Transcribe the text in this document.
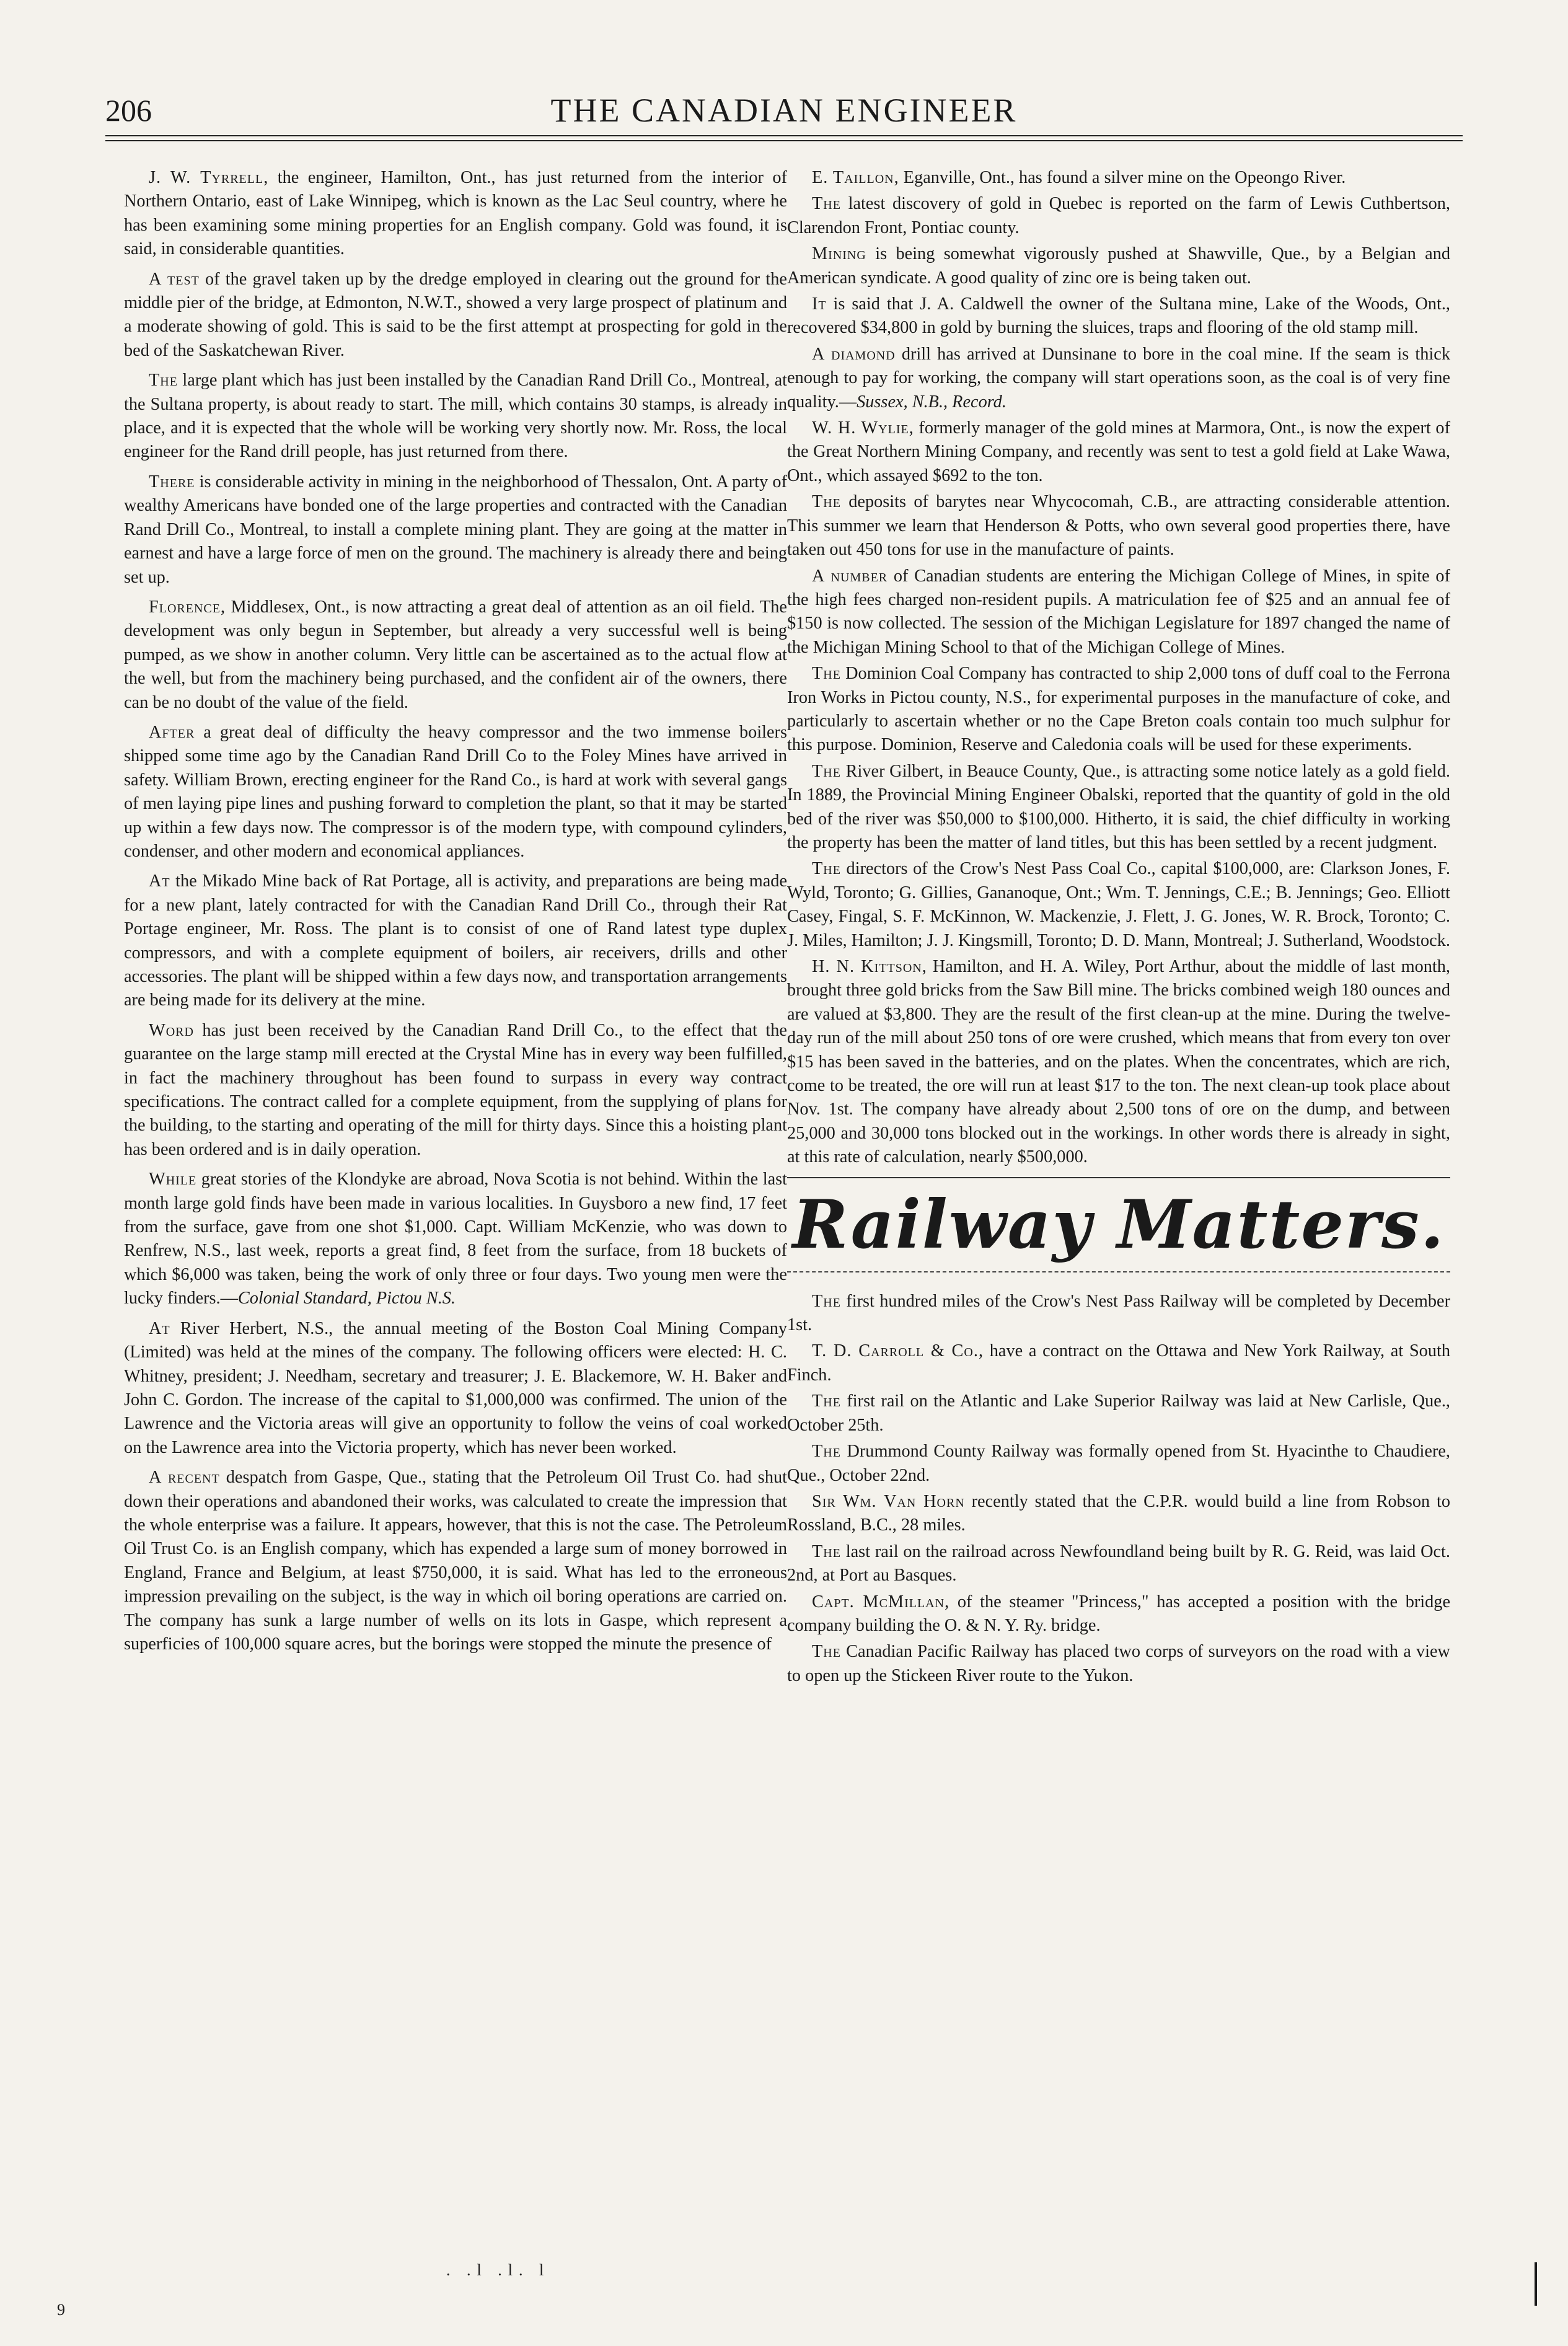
206	THE CANADIAN ENGINEER

J. W. Tyrrell, the engineer, Hamilton, Ont., has just returned from the interior of Northern Ontario, east of Lake Winnipeg, which is known as the Lac Seul country, where he has been examining some mining properties for an English company. Gold was found, it is said, in considerable quantities.

A test of the gravel taken up by the dredge employed in clearing out the ground for the middle pier of the bridge, at Edmonton, N.W.T., showed a very large prospect of platinum and a moderate showing of gold. This is said to be the first attempt at prospecting for gold in the bed of the Saskatchewan River.

The large plant which has just been installed by the Canadian Rand Drill Co., Montreal, at the Sultana property, is about ready to start. The mill, which contains 30 stamps, is already in place, and it is expected that the whole will be working very shortly now. Mr. Ross, the local engineer for the Rand drill people, has just returned from there.

There is considerable activity in mining in the neighborhood of Thessalon, Ont. A party of wealthy Americans have bonded one of the large properties and contracted with the Canadian Rand Drill Co., Montreal, to install a complete mining plant. They are going at the matter in earnest and have a large force of men on the ground. The machinery is already there and being set up.

Florence, Middlesex, Ont., is now attracting a great deal of attention as an oil field. The development was only begun in September, but already a very successful well is being pumped, as we show in another column. Very little can be ascertained as to the actual flow at the well, but from the machinery being purchased, and the confident air of the owners, there can be no doubt of the value of the field.

After a great deal of difficulty the heavy compressor and the two immense boilers shipped some time ago by the Canadian Rand Drill Co to the Foley Mines have arrived in safety. William Brown, erecting engineer for the Rand Co., is hard at work with several gangs of men laying pipe lines and pushing forward to completion the plant, so that it may be started up within a few days now. The compressor is of the modern type, with compound cylinders, condenser, and other modern and economical appliances.

At the Mikado Mine back of Rat Portage, all is activity, and preparations are being made for a new plant, lately contracted for with the Canadian Rand Drill Co., through their Rat Portage engineer, Mr. Ross. The plant is to consist of one of Rand latest type duplex compressors, and with a complete equipment of boilers, air receivers, drills and other accessories. The plant will be shipped within a few days now, and transportation arrangements are being made for its delivery at the mine.

Word has just been received by the Canadian Rand Drill Co., to the effect that the guarantee on the large stamp mill erected at the Crystal Mine has in every way been fulfilled, in fact the machinery throughout has been found to surpass in every way contract specifications. The contract called for a complete equipment, from the supplying of plans for the building, to the starting and operating of the mill for thirty days. Since this a hoisting plant has been ordered and is in daily operation.

While great stories of the Klondyke are abroad, Nova Scotia is not behind. Within the last month large gold finds have been made in various localities. In Guysboro a new find, 17 feet from the surface, gave from one shot $1,000. Capt. William McKenzie, who was down to Renfrew, N.S., last week, reports a great find, 8 feet from the surface, from 18 buckets of which $6,000 was taken, being the work of only three or four days. Two young men were the lucky finders.—Colonial Standard, Pictou N.S.

At River Herbert, N.S., the annual meeting of the Boston Coal Mining Company (Limited) was held at the mines of the company. The following officers were elected: H. C. Whitney, president; J. Needham, secretary and treasurer; J. E. Blackemore, W. H. Baker and John C. Gordon. The increase of the capital to $1,000,000 was confirmed. The union of the Lawrence and the Victoria areas will give an opportunity to follow the veins of coal worked on the Lawrence area into the Victoria property, which has never been worked.

A recent despatch from Gaspe, Que., stating that the Petroleum Oil Trust Co. had shut down their operations and abandoned their works, was calculated to create the impression that the whole enterprise was a failure. It appears, however, that this is not the case. The Petroleum Oil Trust Co. is an English company, which has expended a large sum of money borrowed in England, France and Belgium, at least $750,000, it is said. What has led to the erroneous impression prevailing on the subject, is the way in which oil boring operations are carried on. The company has sunk a large number of wells on its lots in Gaspe, which represent a superficies of 100,000 square acres, but the borings were stopped the minute the presence of

E. Taillon, Eganville, Ont., has found a silver mine on the Opeongo River.

The latest discovery of gold in Quebec is reported on the farm of Lewis Cuthbertson, Clarendon Front, Pontiac county.

Mining is being somewhat vigorously pushed at Shawville, Que., by a Belgian and American syndicate. A good quality of zinc ore is being taken out.

It is said that J. A. Caldwell the owner of the Sultana mine, Lake of the Woods, Ont., recovered $34,800 in gold by burning the sluices, traps and flooring of the old stamp mill.

A diamond drill has arrived at Dunsinane to bore in the coal mine. If the seam is thick enough to pay for working, the company will start operations soon, as the coal is of very fine quality.—Sussex, N.B., Record.

W. H. Wylie, formerly manager of the gold mines at Marmora, Ont., is now the expert of the Great Northern Mining Company, and recently was sent to test a gold field at Lake Wawa, Ont., which assayed $692 to the ton.

The deposits of barytes near Whycocomah, C.B., are attracting considerable attention. This summer we learn that Henderson & Potts, who own several good properties there, have taken out 450 tons for use in the manufacture of paints.

A number of Canadian students are entering the Michigan College of Mines, in spite of the high fees charged non-resident pupils. A matriculation fee of $25 and an annual fee of $150 is now collected. The session of the Michigan Legislature for 1897 changed the name of the Michigan Mining School to that of the Michigan College of Mines.

The Dominion Coal Company has contracted to ship 2,000 tons of duff coal to the Ferrona Iron Works in Pictou county, N.S., for experimental purposes in the manufacture of coke, and particularly to ascertain whether or no the Cape Breton coals contain too much sulphur for this purpose. Dominion, Reserve and Caledonia coals will be used for these experiments.

The River Gilbert, in Beauce County, Que., is attracting some notice lately as a gold field. In 1889, the Provincial Mining Engineer Obalski, reported that the quantity of gold in the old bed of the river was $50,000 to $100,000. Hitherto, it is said, the chief difficulty in working the property has been the matter of land titles, but this has been settled by a recent judgment.

The directors of the Crow's Nest Pass Coal Co., capital $100,000, are: Clarkson Jones, F. Wyld, Toronto; G. Gillies, Gananoque, Ont.; Wm. T. Jennings, C.E.; B. Jennings; Geo. Elliott Casey, Fingal, S. F. McKinnon, W. Mackenzie, J. Flett, J. G. Jones, W. R. Brock, Toronto; C. J. Miles, Hamilton; J. J. Kingsmill, Toronto; D. D. Mann, Montreal; J. Sutherland, Woodstock.

H. N. Kittson, Hamilton, and H. A. Wiley, Port Arthur, about the middle of last month, brought three gold bricks from the Saw Bill mine. The bricks combined weigh 180 ounces and are valued at $3,800. They are the result of the first clean-up at the mine. During the twelve-day run of the mill about 250 tons of ore were crushed, which means that from every ton over $15 has been saved in the batteries, and on the plates. When the concentrates, which are rich, come to be treated, the ore will run at least $17 to the ton. The next clean-up took place about Nov. 1st. The company have already about 2,500 tons of ore on the dump, and between 25,000 and 30,000 tons blocked out in the workings. In other words there is already in sight, at this rate of calculation, nearly $500,000.

Railway Matters.

The first hundred miles of the Crow's Nest Pass Railway will be completed by December 1st.

T. D. Carroll & Co., have a contract on the Ottawa and New York Railway, at South Finch.

The first rail on the Atlantic and Lake Superior Railway was laid at New Carlisle, Que., October 25th.

The Drummond County Railway was formally opened from St. Hyacinthe to Chaudiere, Que., October 22nd.

Sir Wm. Van Horn recently stated that the C.P.R. would build a line from Robson to Rossland, B.C., 28 miles.

The last rail on the railroad across Newfoundland being built by R. G. Reid, was laid Oct. 2nd, at Port au Basques.

Capt. McMillan, of the steamer "Princess," has accepted a position with the bridge company building the O. & N. Y. Ry. bridge.

The Canadian Pacific Railway has placed two corps of surveyors on the road with a view to open up the Stickeen River route to the Yukon.

. .l .l. l
9
